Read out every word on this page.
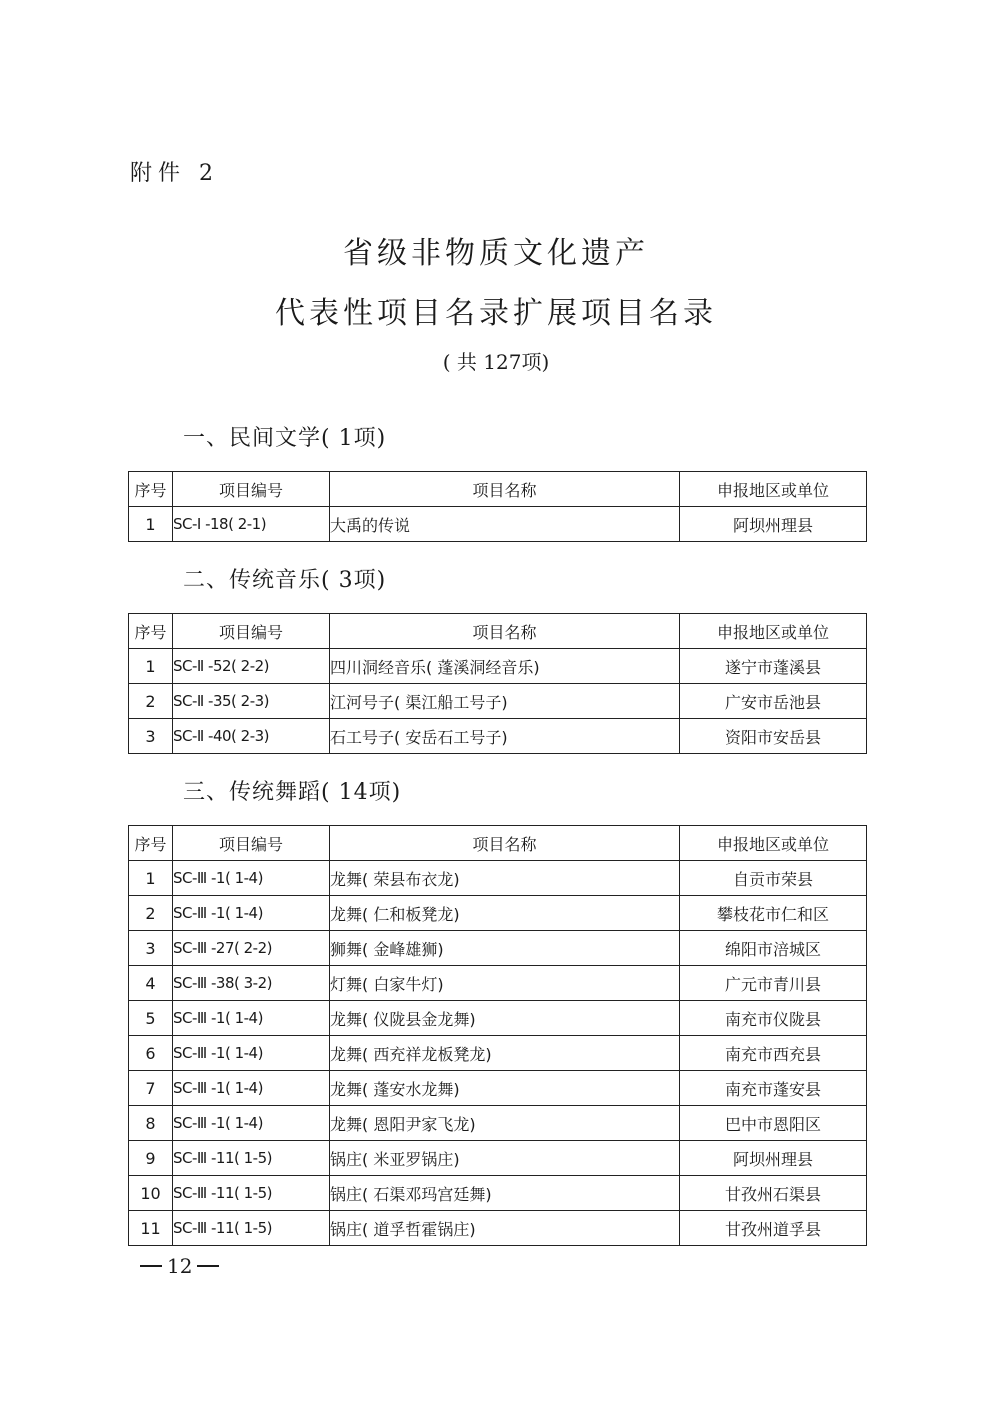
附件 2
省级非物质文化遗产
代表性项目名录扩展项目名录
( 共 127项)
一、民间文学( 1项)
序号	项目编号	项目名称	申报地区或单位
1	SC-Ⅰ -18( 2-1)	大禹的传说	阿坝州理县
二、传统音乐( 3项)
序号	项目编号	项目名称	申报地区或单位
1	SC-Ⅱ -52( 2-2)	四川洞经音乐( 蓬溪洞经音乐)	遂宁市蓬溪县
2	SC-Ⅱ -35( 2-3)	江河号子( 渠江船工号子)	广安市岳池县
3	SC-Ⅱ -40( 2-3)	石工号子( 安岳石工号子)	资阳市安岳县
三、传统舞蹈( 14项)
序号	项目编号	项目名称	申报地区或单位
1	SC-Ⅲ -1( 1-4)	龙舞( 荣县布衣龙)	自贡市荣县
2	SC-Ⅲ -1( 1-4)	龙舞( 仁和板凳龙)	攀枝花市仁和区
3	SC-Ⅲ -27( 2-2)	狮舞( 金峰雄狮)	绵阳市涪城区
4	SC-Ⅲ -38( 3-2)	灯舞( 白家牛灯)	广元市青川县
5	SC-Ⅲ -1( 1-4)	龙舞( 仪陇县金龙舞)	南充市仪陇县
6	SC-Ⅲ -1( 1-4)	龙舞( 西充祥龙板凳龙)	南充市西充县
7	SC-Ⅲ -1( 1-4)	龙舞( 蓬安水龙舞)	南充市蓬安县
8	SC-Ⅲ -1( 1-4)	龙舞( 恩阳尹家飞龙)	巴中市恩阳区
9	SC-Ⅲ -11( 1-5)	锅庄( 米亚罗锅庄)	阿坝州理县
10	SC-Ⅲ -11( 1-5)	锅庄( 石渠邓玛宫廷舞)	甘孜州石渠县
11	SC-Ⅲ -11( 1-5)	锅庄( 道孚哲霍锅庄)	甘孜州道孚县
12
